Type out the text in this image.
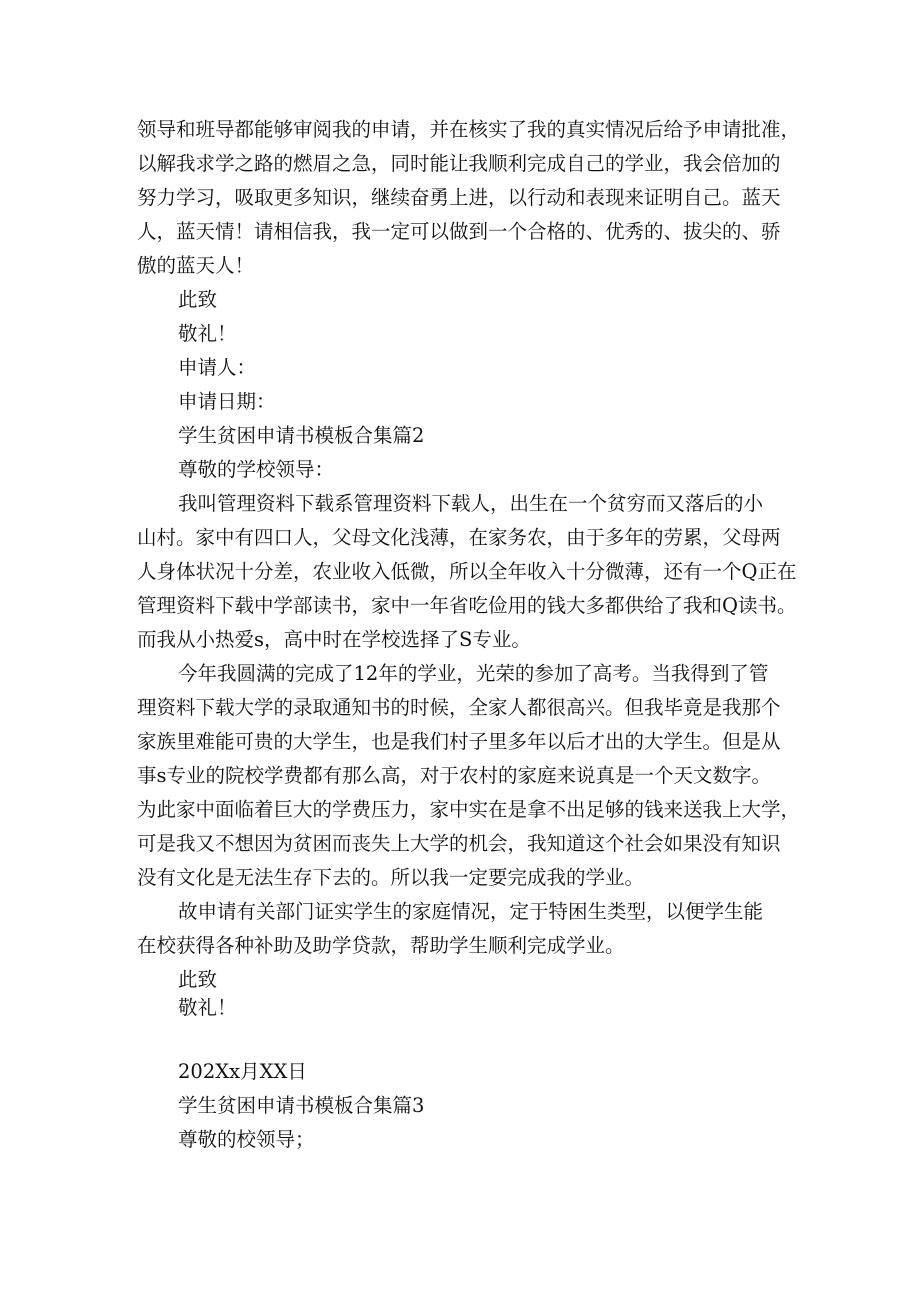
领导和班导都能够审阅我的申请，并在核实了我的真实情况后给予申请批准，
以解我求学之路的燃眉之急，同时能让我顺利完成自己的学业，我会倍加的
努力学习，吸取更多知识，继续奋勇上进，以行动和表现来证明自己。蓝天
人，蓝天情！请相信我，我一定可以做到一个合格的、优秀的、拔尖的、骄
傲的蓝天人！
此致
敬礼！
申请人：
申请日期：
学生贫困申请书模板合集篇2
尊敬的学校领导：
我叫管理资料下载系管理资料下载人，出生在一个贫穷而又落后的小
山村。家中有四口人，父母文化浅薄，在家务农，由于多年的劳累，父母两
人身体状况十分差，农业收入低微，所以全年收入十分微薄，还有一个Q正在
管理资料下载中学部读书，家中一年省吃俭用的钱大多都供给了我和Q读书。
而我从小热爱s，高中时在学校选择了S专业。
今年我圆满的完成了12年的学业，光荣的参加了高考。当我得到了管
理资料下载大学的录取通知书的时候，全家人都很高兴。但我毕竟是我那个
家族里难能可贵的大学生，也是我们村子里多年以后才出的大学生。但是从
事s专业的院校学费都有那么高，对于农村的家庭来说真是一个天文数字。
为此家中面临着巨大的学费压力，家中实在是拿不出足够的钱来送我上大学，
可是我又不想因为贫困而丧失上大学的机会，我知道这个社会如果没有知识
没有文化是无法生存下去的。所以我一定要完成我的学业。
故申请有关部门证实学生的家庭情况，定于特困生类型，以便学生能
在校获得各种补助及助学贷款，帮助学生顺利完成学业。
此致
敬礼！
202Xx月XX日
学生贫困申请书模板合集篇3
尊敬的校领导；
